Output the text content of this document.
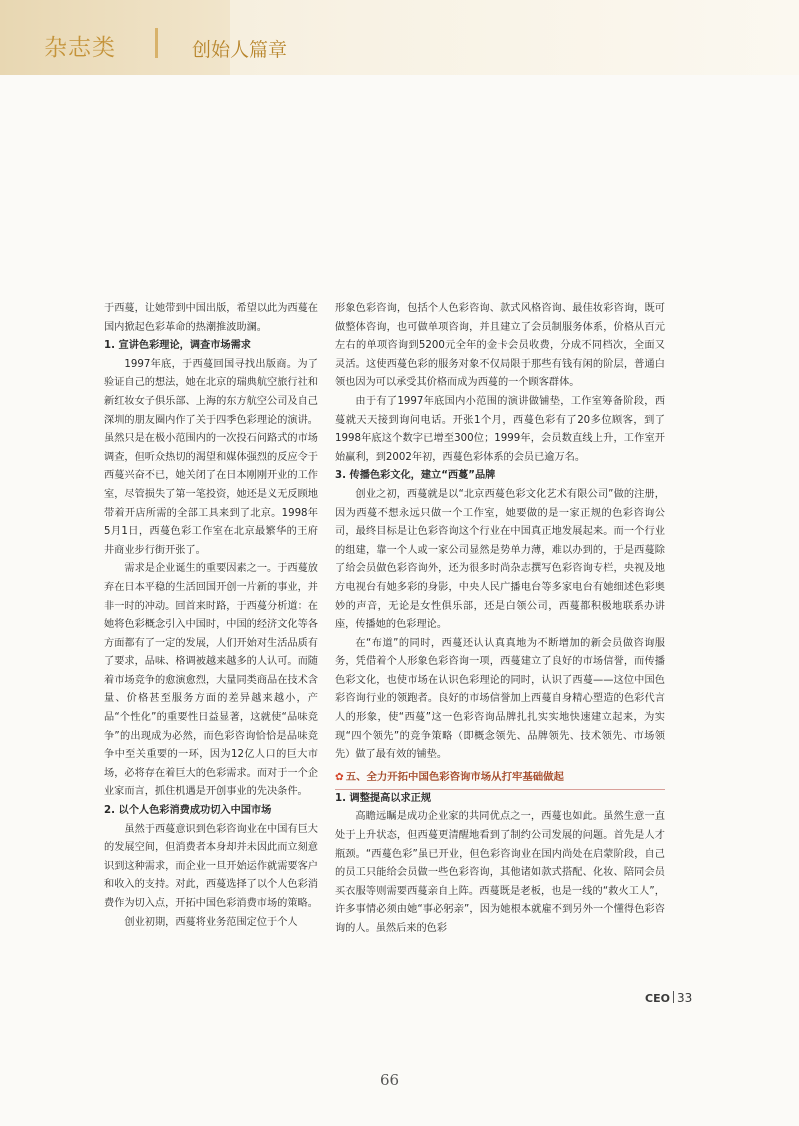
杂志类	创始人篇章

于西蔓，让她带到中国出版，希望以此为西蔓在国内掀起色彩革命的热潮推波助澜。

1. 宣讲色彩理论，调查市场需求

1997年底，于西蔓回国寻找出版商。为了验证自己的想法，她在北京的瑞典航空旅行社和新红妆女子俱乐部、上海的东方航空公司及自己深圳的朋友圈内作了关于四季色彩理论的演讲。虽然只是在极小范围内的一次投石问路式的市场调查，但听众热切的渴望和媒体强烈的反应令于西蔓兴奋不已，她关闭了在日本刚刚开业的工作室，尽管损失了第一笔投资，她还是义无反顾地带着开店所需的全部工具来到了北京。1998年5月1日，西蔓色彩工作室在北京最繁华的王府井商业步行街开张了。

需求是企业诞生的重要因素之一。于西蔓放弃在日本平稳的生活回国开创一片新的事业，并非一时的冲动。回首来时路，于西蔓分析道：在她将色彩概念引入中国时，中国的经济文化等各方面都有了一定的发展，人们开始对生活品质有了要求，品味、格调被越来越多的人认可。而随着市场竞争的愈演愈烈，大量同类商品在技术含量、价格甚至服务方面的差异越来越小，产品“个性化”的重要性日益显著，这就使“品味竞争”的出现成为必然，而色彩咨询恰恰是品味竞争中至关重要的一环，因为12亿人口的巨大市场，必将存在着巨大的色彩需求。而对于一个企业家而言，抓住机遇是开创事业的先决条件。

2. 以个人色彩消费成功切入中国市场

虽然于西蔓意识到色彩咨询业在中国有巨大的发展空间，但消费者本身却并未因此而立刻意识到这种需求，而企业一旦开始运作就需要客户和收入的支持。对此，西蔓选择了以个人色彩消费作为切入点，开拓中国色彩消费市场的策略。

创业初期，西蔓将业务范围定位于个人

形象色彩咨询，包括个人色彩咨询、款式风格咨询、最佳妆彩咨询，既可做整体咨询，也可做单项咨询，并且建立了会员制服务体系，价格从百元左右的单项咨询到5200元全年的金卡会员收费，分成不同档次，全面又灵活。这使西蔓色彩的服务对象不仅局限于那些有钱有闲的阶层，普通白领也因为可以承受其价格而成为西蔓的一个顾客群体。

由于有了1997年底国内小范围的演讲做铺垫，工作室筹备阶段，西蔓就天天接到询问电话。开张1个月，西蔓色彩有了20多位顾客，到了1998年底这个数字已增至300位；1999年，会员数直线上升，工作室开始赢利，到2002年初，西蔓色彩体系的会员已逾万名。

3. 传播色彩文化，建立“西蔓”品牌

创业之初，西蔓就是以“北京西蔓色彩文化艺术有限公司”做的注册，因为西蔓不想永远只做一个工作室，她要做的是一家正规的色彩咨询公司，最终目标是让色彩咨询这个行业在中国真正地发展起来。而一个行业的组建，靠一个人或一家公司显然是势单力薄，难以办到的，于是西蔓除了给会员做色彩咨询外，还为很多时尚杂志撰写色彩咨询专栏，央视及地方电视台有她多彩的身影，中央人民广播电台等多家电台有她细述色彩奥妙的声音，无论是女性俱乐部，还是白领公司，西蔓都积极地联系办讲座，传播她的色彩理论。

在“布道”的同时，西蔓还认认真真地为不断增加的新会员做咨询服务，凭借着个人形象色彩咨询一项，西蔓建立了良好的市场信誉，而传播色彩文化，也使市场在认识色彩理论的同时，认识了西蔓——这位中国色彩咨询行业的领跑者。良好的市场信誉加上西蔓自身精心塑造的色彩代言人的形象，使“西蔓”这一色彩咨询品牌扎扎实实地快速建立起来，为实现“四个领先”的竞争策略（即概念领先、品牌领先、技术领先、市场领先）做了最有效的铺垫。

✿ 五、全力开拓中国色彩咨询市场从打牢基础做起
1. 调整提高以求正规

高瞻远瞩是成功企业家的共同优点之一，西蔓也如此。虽然生意一直处于上升状态，但西蔓更清醒地看到了制约公司发展的问题。首先是人才瓶颈。“西蔓色彩”虽已开业，但色彩咨询业在国内尚处在启蒙阶段，自己的员工只能给会员做一些色彩咨询，其他诸如款式搭配、化妆、陪同会员买衣服等则需要西蔓亲自上阵。西蔓既是老板，也是一线的“救火工人”，许多事情必须由她“事必躬亲”，因为她根本就雇不到另外一个懂得色彩咨询的人。虽然后来的色彩

CEO 33
66
